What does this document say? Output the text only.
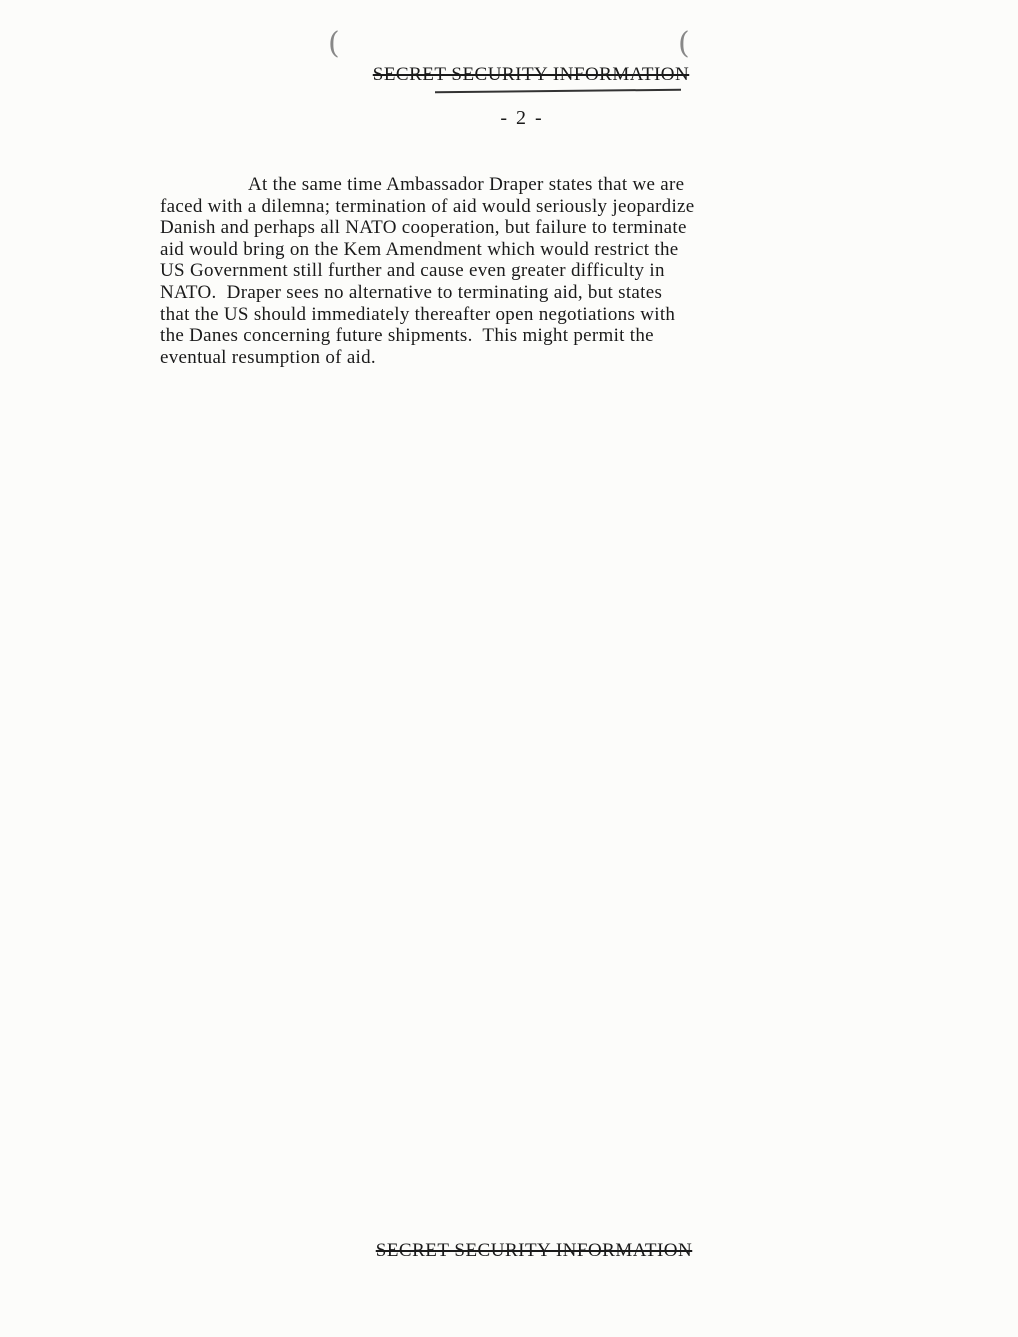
(	(
SECRET SECURITY INFORMATION
- 2 -
At the same time Ambassador Draper states that we are
faced with a dilemna; termination of aid would seriously jeopardize
Danish and perhaps all NATO cooperation, but failure to terminate
aid would bring on the Kem Amendment which would restrict the
US Government still further and cause even greater difficulty in
NATO.  Draper sees no alternative to terminating aid, but states
that the US should immediately thereafter open negotiations with
the Danes concerning future shipments.  This might permit the
eventual resumption of aid.
SECRET SECURITY INFORMATION
